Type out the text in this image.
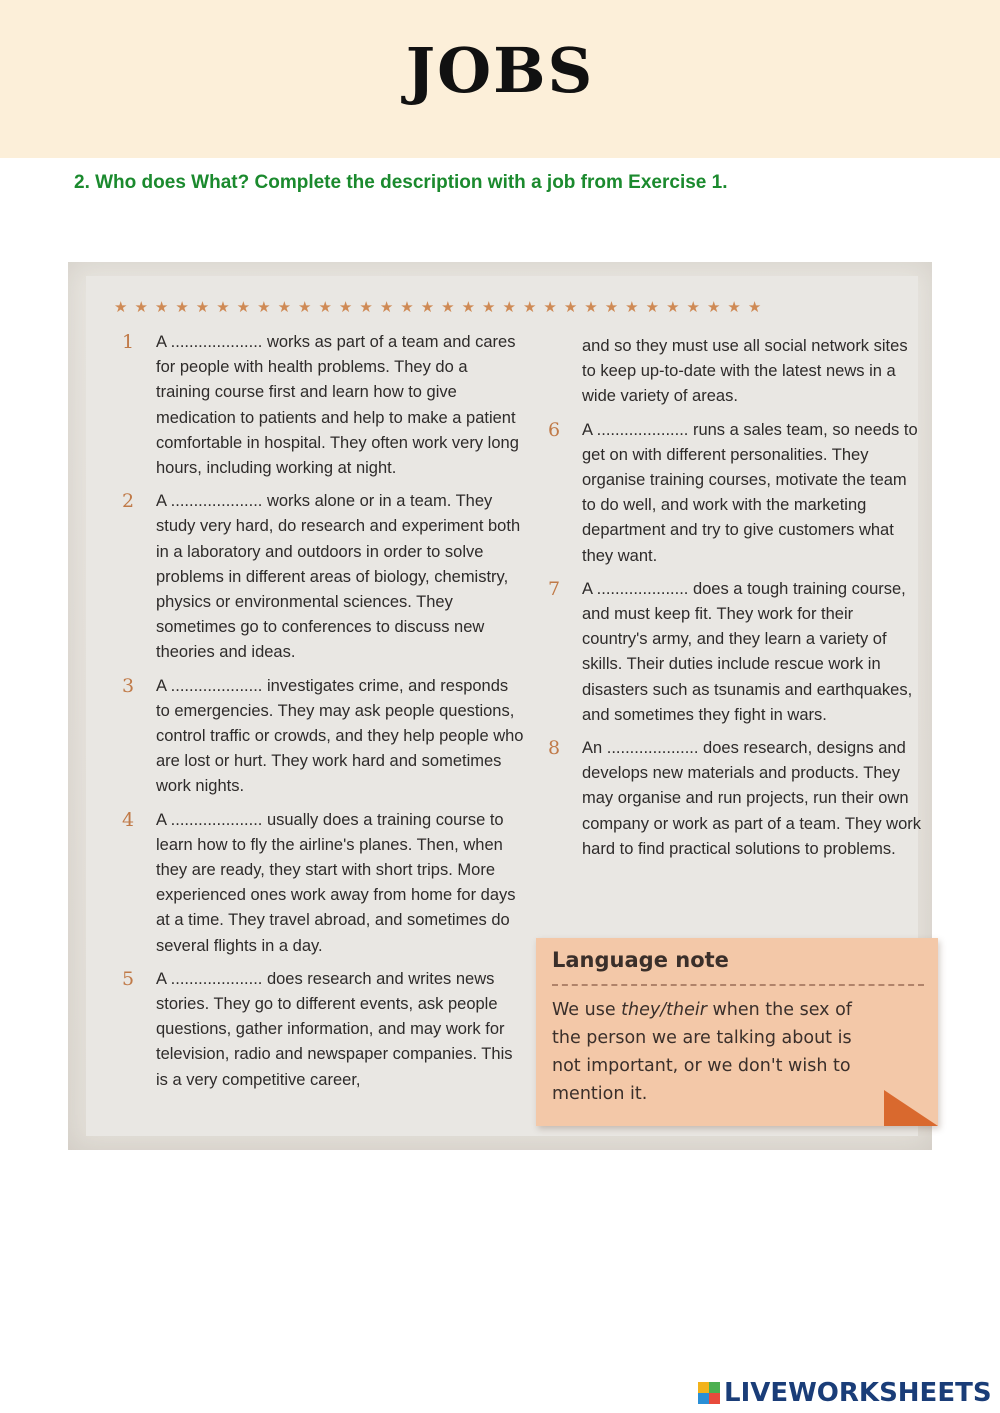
JOBS
2. Who does What? Complete the description with a job from Exercise 1.
★★★★★★★★★★★★★★★★★★★★★★★★★★★★★★★★
1 A .................... works as part of a team and cares for people with health problems. They do a training course first and learn how to give medication to patients and help to make a patient comfortable in hospital. They often work very long hours, including working at night.
2 A .................... works alone or in a team. They study very hard, do research and experiment both in a laboratory and outdoors in order to solve problems in different areas of biology, chemistry, physics or environmental sciences. They sometimes go to conferences to discuss new theories and ideas.
3 A .................... investigates crime, and responds to emergencies. They may ask people questions, control traffic or crowds, and they help people who are lost or hurt. They work hard and sometimes work nights.
4 A .................... usually does a training course to learn how to fly the airline's planes. Then, when they are ready, they start with short trips. More experienced ones work away from home for days at a time. They travel abroad, and sometimes do several flights in a day.
5 A .................... does research and writes news stories. They go to different events, ask people questions, gather information, and may work for television, radio and newspaper companies. This is a very competitive career,
and so they must use all social network sites to keep up-to-date with the latest news in a wide variety of areas.
6 A .................... runs a sales team, so needs to get on with different personalities. They organise training courses, motivate the team to do well, and work with the marketing department and try to give customers what they want.
7 A .................... does a tough training course, and must keep fit. They work for their country's army, and they learn a variety of skills. Their duties include rescue work in disasters such as tsunamis and earthquakes, and sometimes they fight in wars.
8 An .................... does research, designs and develops new materials and products. They may organise and run projects, run their own company or work as part of a team. They work hard to find practical solutions to problems.
Language note
We use they/their when the sex of the person we are talking about is not important, or we don't wish to mention it.
LIVEWORKSHEETS
